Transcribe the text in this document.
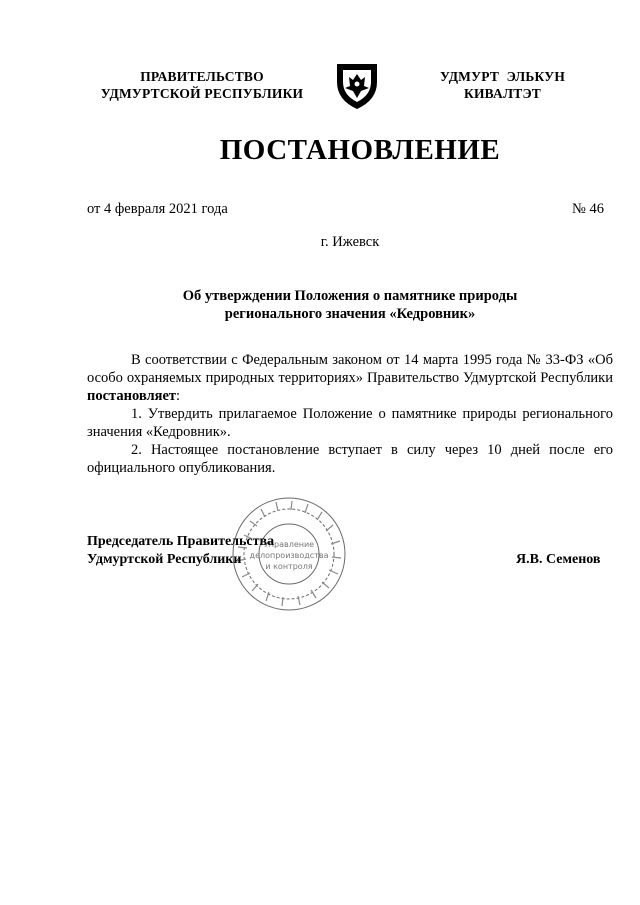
ПРАВИТЕЛЬСТВО
УДМУРТСКОЙ РЕСПУБЛИКИ
УДМУРТ ЭЛЬКУН
КИВАЛТЭТ
ПОСТАНОВЛЕНИЕ
от 4 февраля 2021 года	№ 46
г. Ижевск
Об утверждении Положения о памятнике природы
регионального значения «Кедровник»

В соответствии с Федеральным законом от 14 марта 1995 года № 33-ФЗ «Об особо охраняемых природных территориях» Правительство Удмуртской Республики постановляет:

1. Утвердить прилагаемое Положение о памятнике природы регионального значения «Кедровник».

2. Настоящее постановление вступает в силу через 10 дней после его официального опубликования.

Управление
делопроизводства
и контроля
Председатель Правительства
Удмуртской Республики	Я.В. Семенов
